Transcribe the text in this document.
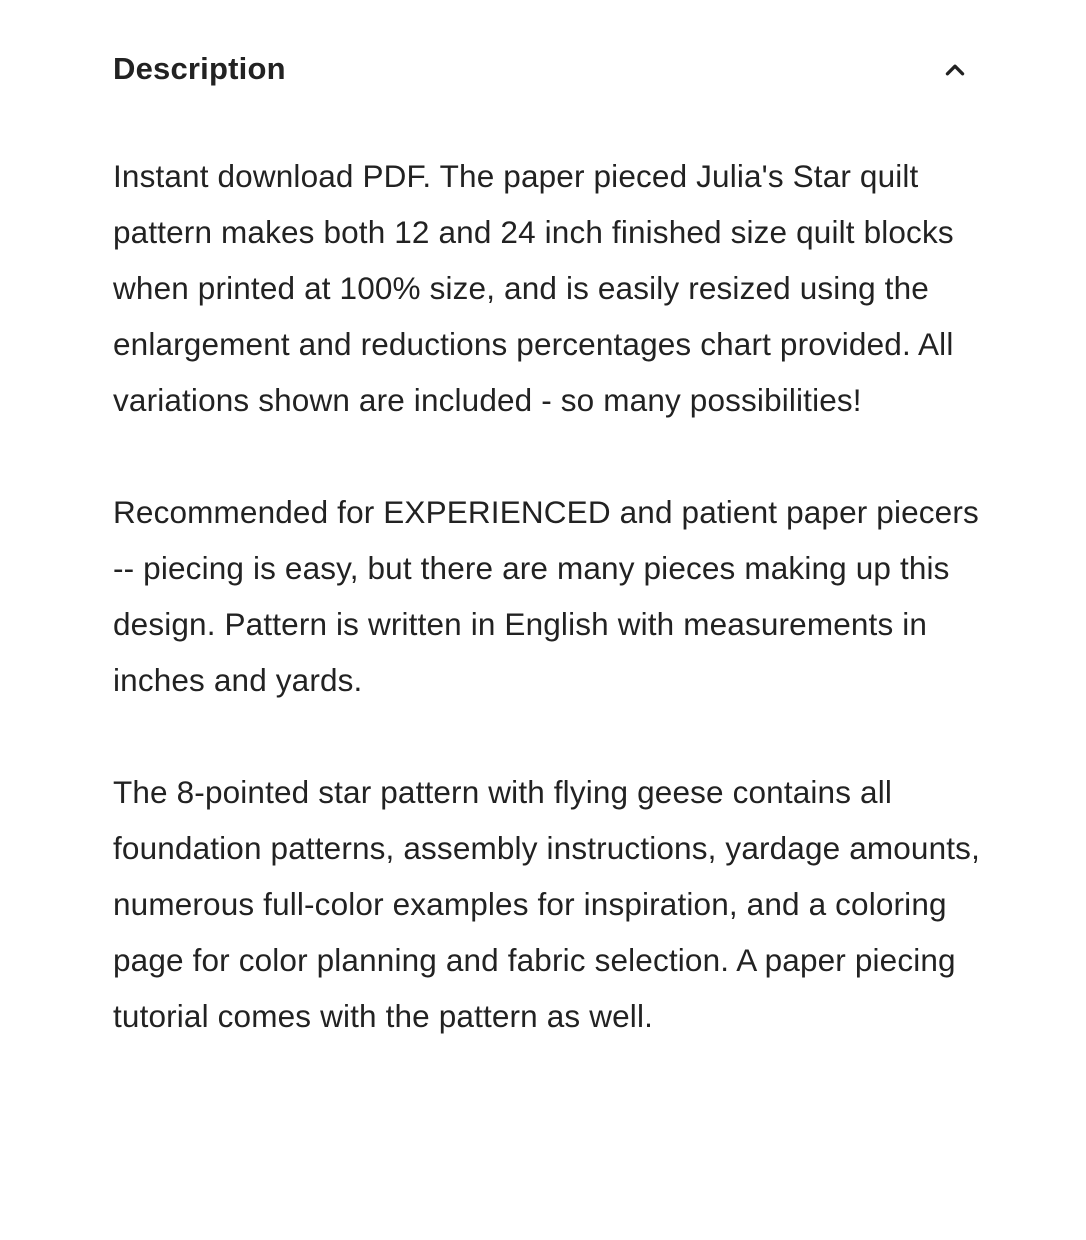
Description

Instant download PDF. The paper pieced Julia's Star quilt pattern makes both 12 and 24 inch finished size quilt blocks when printed at 100% size, and is easily resized using the enlargement and reductions percentages chart provided. All variations shown are included - so many possibilities!

Recommended for EXPERIENCED and patient paper piecers -- piecing is easy, but there are many pieces making up this design. Pattern is written in English with measurements in inches and yards.

The 8-pointed star pattern with flying geese contains all foundation patterns, assembly instructions, yardage amounts, numerous full-color examples for inspiration, and a coloring page for color planning and fabric selection. A paper piecing tutorial comes with the pattern as well.
